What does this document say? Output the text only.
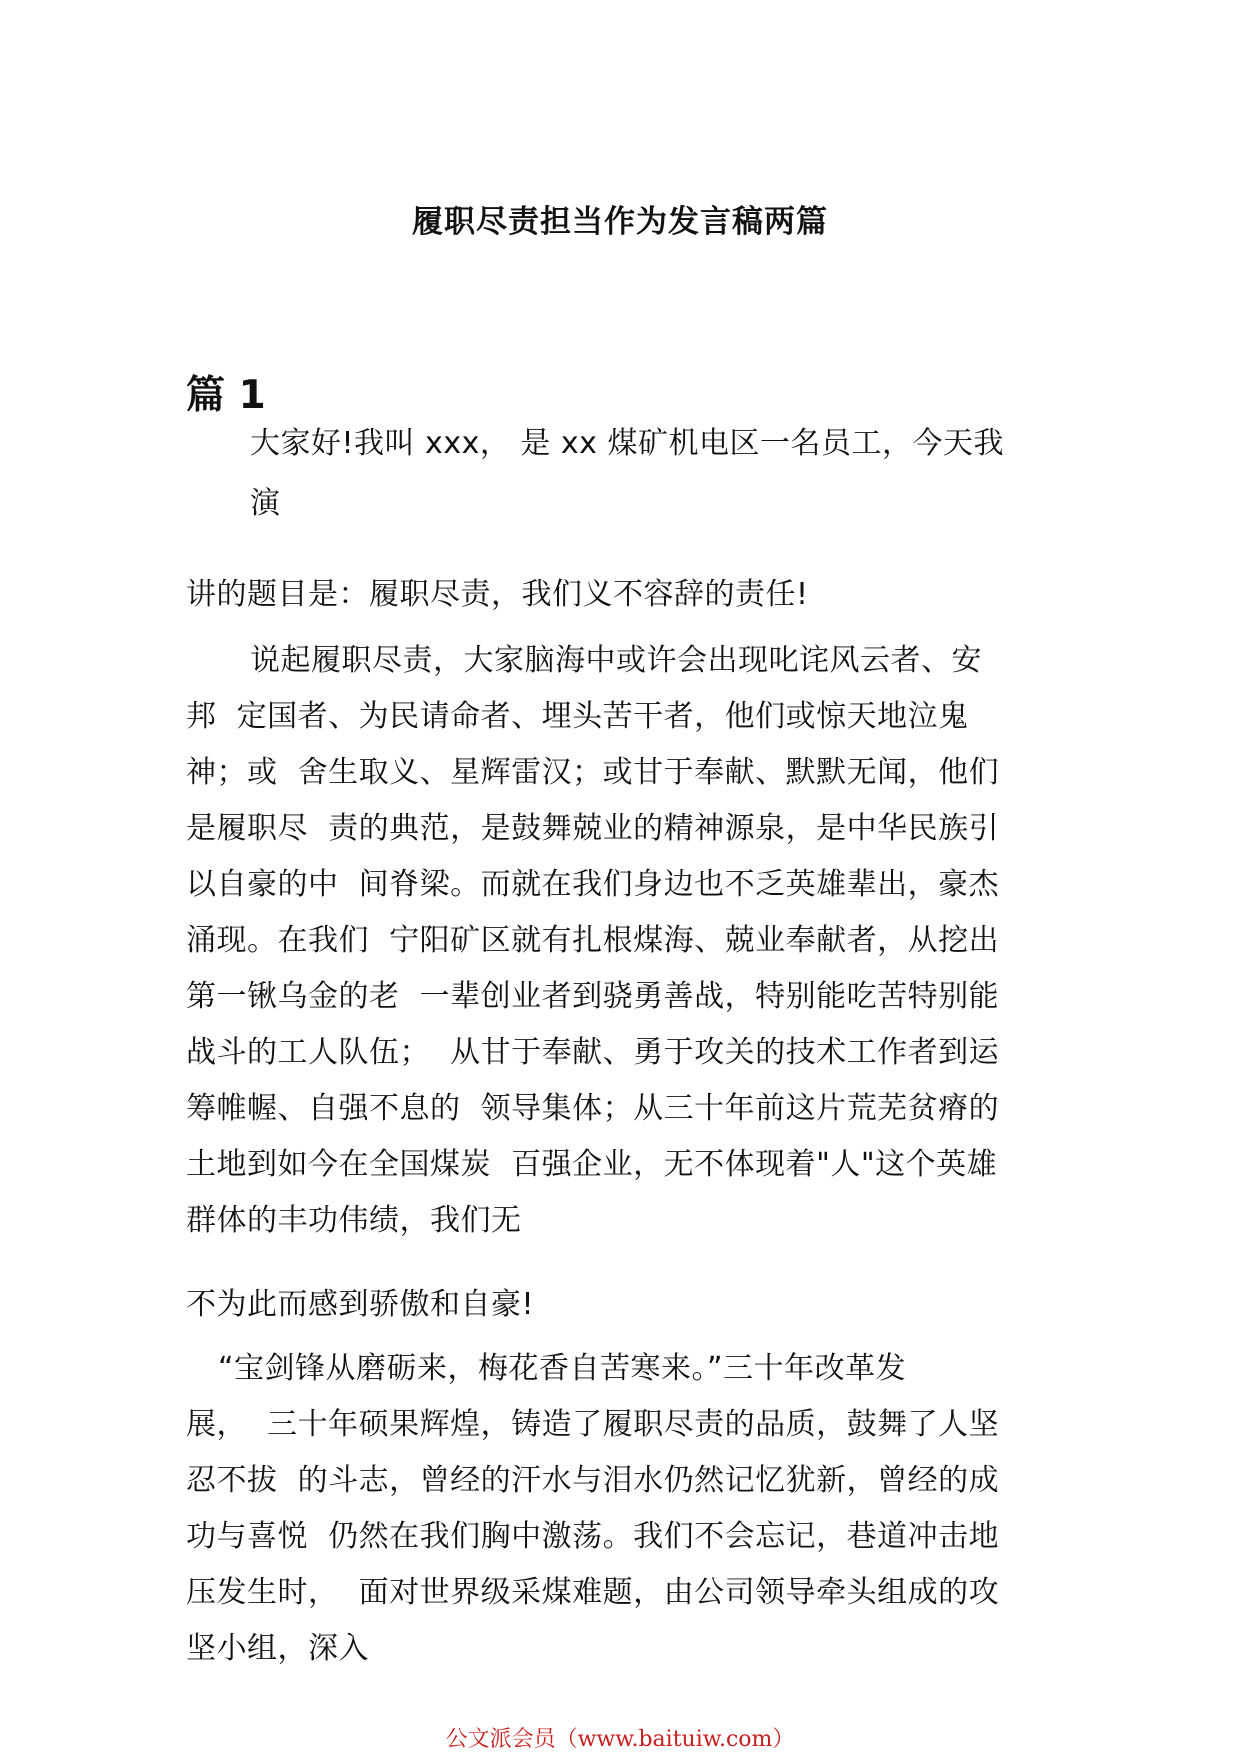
履职尽责担当作为发言稿两篇
篇 1
大家好!我叫 xxx， 是 xx 煤矿机电区一名员工，今天我
演
讲的题目是：履职尽责，我们义不容辞的责任!
说起履职尽责，大家脑海中或许会出现叱诧风云者、安
邦  定国者、为民请命者、埋头苦干者，他们或惊天地泣鬼
神；或  舍生取义、星辉雷汉；或甘于奉献、默默无闻，他们
是履职尽  责的典范，是鼓舞兢业的精神源泉，是中华民族引
以自豪的中  间脊梁。而就在我们身边也不乏英雄辈出，豪杰
涌现。在我们  宁阳矿区就有扎根煤海、兢业奉献者，从挖出
第一锹乌金的老  一辈创业者到骁勇善战，特别能吃苦特别能
战斗的工人队伍；  从甘于奉献、勇于攻关的技术工作者到运
筹帷幄、自强不息的  领导集体；从三十年前这片荒芜贫瘠的
土地到如今在全国煤炭  百强企业，无不体现着"人"这个英雄
群体的丰功伟绩，我们无
不为此而感到骄傲和自豪!
“宝剑锋从磨砺来，梅花香自苦寒来。”三十年改革发
展，  三十年硕果辉煌，铸造了履职尽责的品质，鼓舞了人坚
忍不拔  的斗志，曾经的汗水与泪水仍然记忆犹新，曾经的成
功与喜悦  仍然在我们胸中激荡。我们不会忘记，巷道冲击地
压发生时，  面对世界级采煤难题，由公司领导牵头组成的攻
坚小组，深入
公文派会员（www.baituiw.com）
